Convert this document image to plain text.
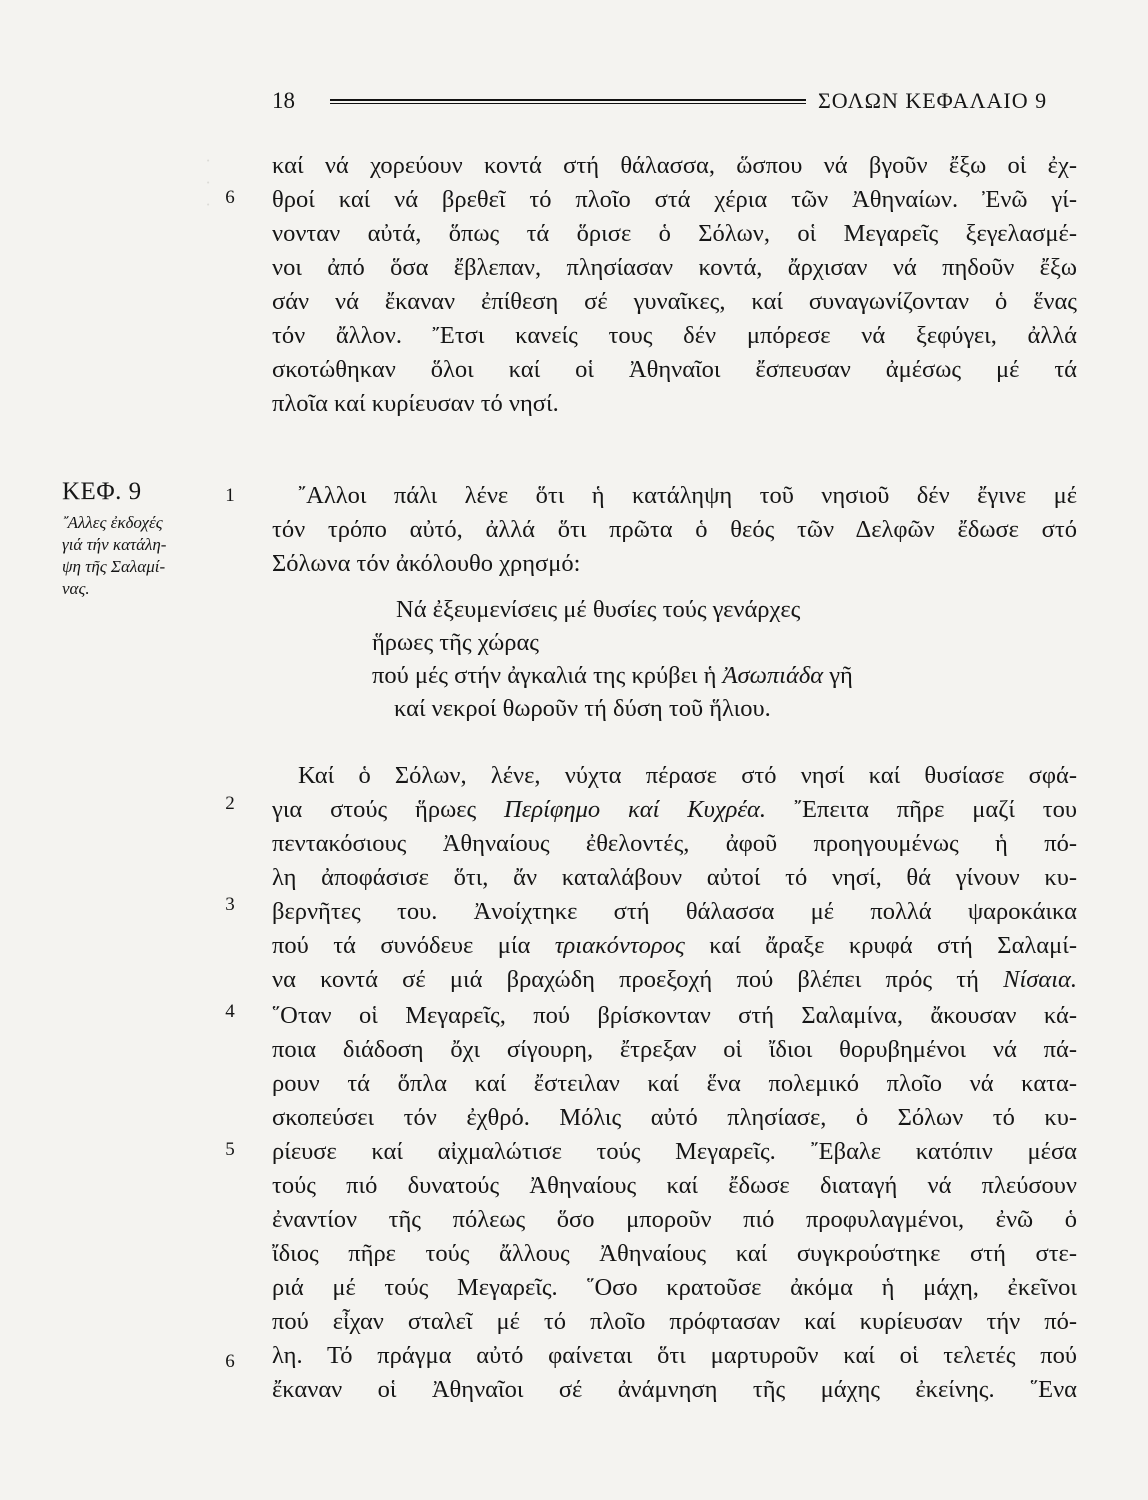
·
·
·
18	ΣΟΛΩΝ ΚΕΦΑΛΑΙΟ 9
ΚΕΦ. 9
῎Αλλες ἐκδοχές
γιά τήν κατάλη-
ψη τῆς Σαλαμί-
νας.
6
1
2
3
4
5
6
καί νά χορεύουν κοντά στή θάλασσα, ὥσπου νά βγοῦν ἔξω οἱ ἐχ-
θροί καί νά βρεθεῖ τό πλοῖο στά χέρια τῶν Ἀθηναίων. Ἐνῶ γί-
νονταν αὐτά, ὅπως τά ὅρισε ὁ Σόλων, οἱ Μεγαρεῖς ξεγελασμέ-
νοι ἀπό ὅσα ἔβλεπαν, πλησίασαν κοντά, ἄρχισαν νά πηδοῦν ἔξω
σάν νά ἔκαναν ἐπίθεση σέ γυναῖκες, καί συναγωνίζονταν ὁ ἕνας
τόν ἄλλον. Ἔτσι κανείς τους δέν μπόρεσε νά ξεφύγει, ἀλλά
σκοτώθηκαν ὅλοι καί οἱ Ἀθηναῖοι ἔσπευσαν ἀμέσως μέ τά
πλοῖα καί κυρίευσαν τό νησί.
῎Αλλοι πάλι λένε ὅτι ἡ κατάληψη τοῦ νησιοῦ δέν ἔγινε μέ
τόν τρόπο αὐτό, ἀλλά ὅτι πρῶτα ὁ θεός τῶν Δελφῶν ἔδωσε στό
Σόλωνα τόν ἀκόλουθο χρησμό:
Νά ἐξευμενίσεις μέ θυσίες τούς γενάρχες
ἥρωες τῆς χώρας
πού μές στήν ἀγκαλιά της κρύβει ἡ Ἀσωπιάδα γῆ
καί νεκροί θωροῦν τή δύση τοῦ ἥλιου.
Καί ὁ Σόλων, λένε, νύχτα πέρασε στό νησί καί θυσίασε σφά-
για στούς ἥρωες Περίφημο καί Κυχρέα. ῎Επειτα πῆρε μαζί του
πεντακόσιους Ἀθηναίους ἐθελοντές, ἀφοῦ προηγουμένως ἡ πό-
λη ἀποφάσισε ὅτι, ἄν καταλάβουν αὐτοί τό νησί, θά γίνουν κυ-
βερνῆτες του. Ἀνοίχτηκε στή θάλασσα μέ πολλά ψαροκάικα
πού τά συνόδευε μία τριακόντορος καί ἄραξε κρυφά στή Σαλαμί-
να κοντά σέ μιά βραχώδη προεξοχή πού βλέπει πρός τή Νίσαια.
῞Οταν οἱ Μεγαρεῖς, πού βρίσκονταν στή Σαλαμίνα, ἄκουσαν κά-
ποια διάδοση ὄχι σίγουρη, ἔτρεξαν οἱ ἴδιοι θορυβημένοι νά πά-
ρουν τά ὅπλα καί ἔστειλαν καί ἕνα πολεμικό πλοῖο νά κατα-
σκοπεύσει τόν ἐχθρό. Μόλις αὐτό πλησίασε, ὁ Σόλων τό κυ-
ρίευσε καί αἰχμαλώτισε τούς Μεγαρεῖς. ῎Εβαλε κατόπιν μέσα
τούς πιό δυνατούς Ἀθηναίους καί ἔδωσε διαταγή νά πλεύσουν
ἐναντίον τῆς πόλεως ὅσο μποροῦν πιό προφυλαγμένοι, ἐνῶ ὁ
ἴδιος πῆρε τούς ἄλλους Ἀθηναίους καί συγκρούστηκε στή στε-
ριά μέ τούς Μεγαρεῖς. ῞Οσο κρατοῦσε ἀκόμα ἡ μάχη, ἐκεῖνοι
πού εἶχαν σταλεῖ μέ τό πλοῖο πρόφτασαν καί κυρίευσαν τήν πό-
λη. Τό πράγμα αὐτό φαίνεται ὅτι μαρτυροῦν καί οἱ τελετές πού
ἔκαναν οἱ Ἀθηναῖοι σέ ἀνάμνηση τῆς μάχης ἐκείνης. ῞Ενα
